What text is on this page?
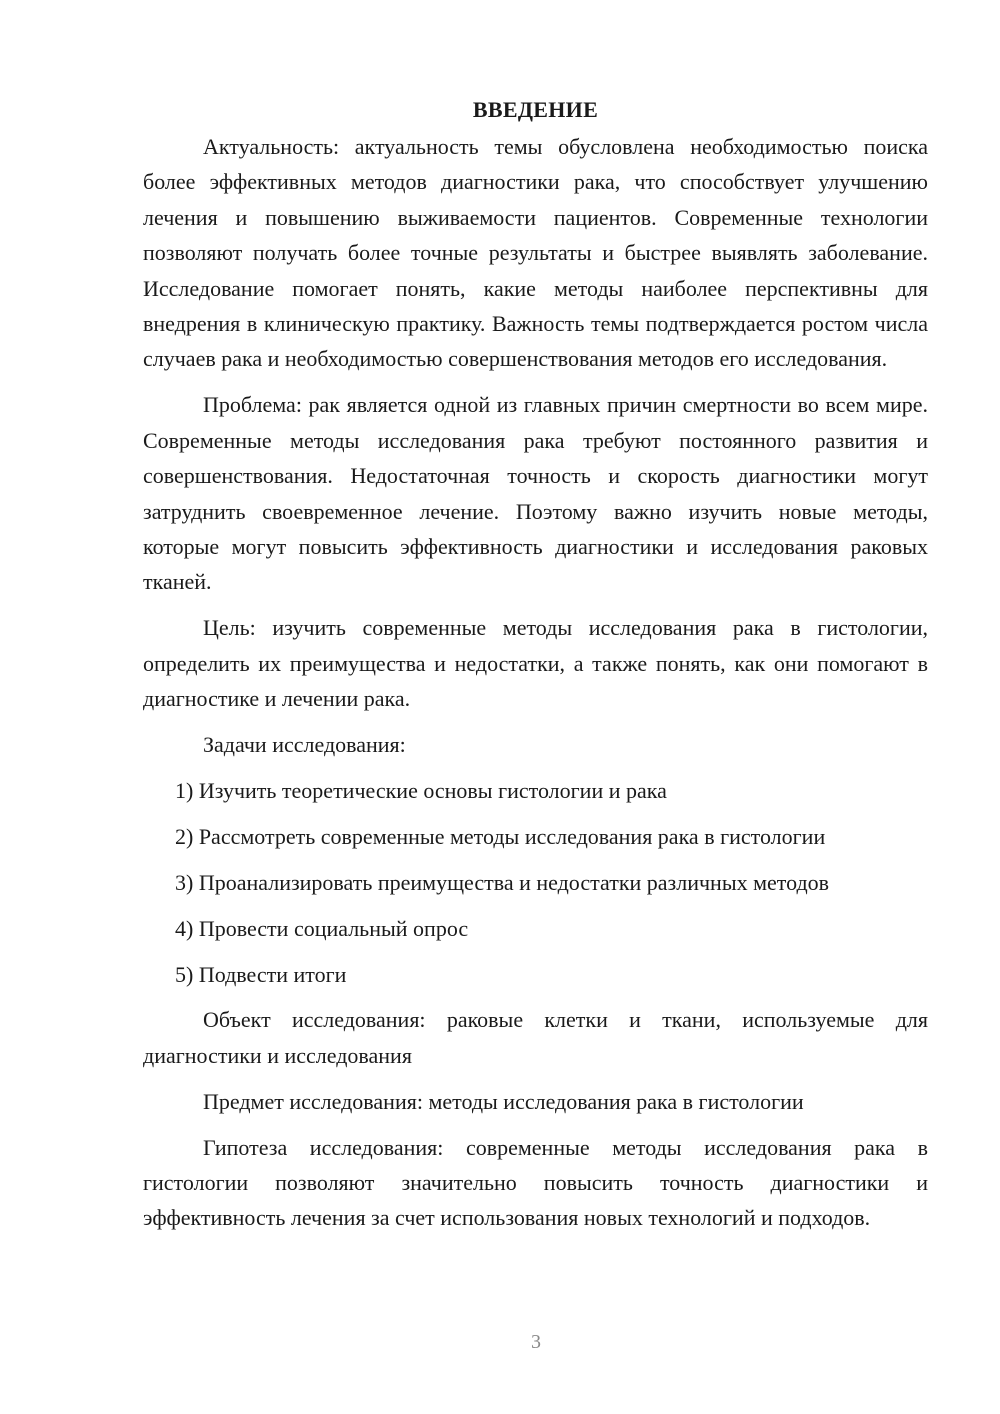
ВВЕДЕНИЕ

Актуальность: актуальность темы обусловлена необходимостью поиска более эффективных методов диагностики рака, что способствует улучшению лечения и повышению выживаемости пациентов. Современные технологии позволяют получать более точные результаты и быстрее выявлять заболевание. Исследование помогает понять, какие методы наиболее перспективны для внедрения в клиническую практику. Важность темы подтверждается ростом числа случаев рака и необходимостью совершенствования методов его исследования.

Проблема: рак является одной из главных причин смертности во всем мире. Современные методы исследования рака требуют постоянного развития и совершенствования. Недостаточная точность и скорость диагностики могут затруднить своевременное лечение. Поэтому важно изучить новые методы, которые могут повысить эффективность диагностики и исследования раковых тканей.

Цель: изучить современные методы исследования рака в гистологии, определить их преимущества и недостатки, а также понять, как они помогают в диагностике и лечении рака.

Задачи исследования:

1) Изучить теоретические основы гистологии и рака
2) Рассмотреть современные методы исследования рака в гистологии
3) Проанализировать преимущества и недостатки различных методов
4) Провести социальный опрос
5) Подвести итоги

Объект исследования: раковые клетки и ткани, используемые для диагностики и исследования

Предмет исследования: методы исследования рака в гистологии

Гипотеза исследования: современные методы исследования рака в гистологии позволяют значительно повысить точность диагностики и эффективность лечения за счет использования новых технологий и подходов.

3
